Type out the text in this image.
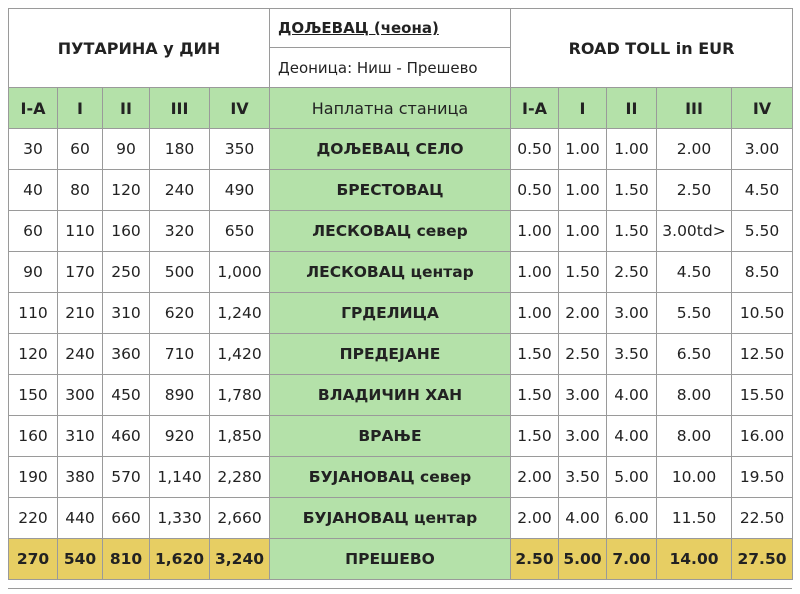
ПУТАРИНА у ДИН					ДОЉЕВАЦ (чеона)	ROAD TOLL in EUR				
					Деоница: Ниш - Прешево					
I-A	I	II	III	IV	Наплатна станица	I-A	I	II	III	IV
30	60	90	180	350	ДОЉЕВАЦ СЕЛО	0.50	1.00	1.00	2.00	3.00
40	80	120	240	490	БРЕСТОВАЦ	0.50	1.00	1.50	2.50	4.50
60	110	160	320	650	ЛЕСКОВАЦ север	1.00	1.00	1.50	3.00td>	5.50
90	170	250	500	1,000	ЛЕСКОВАЦ центар	1.00	1.50	2.50	4.50	8.50
110	210	310	620	1,240	ГРДЕЛИЦА	1.00	2.00	3.00	5.50	10.50
120	240	360	710	1,420	ПРЕДЕЈАНЕ	1.50	2.50	3.50	6.50	12.50
150	300	450	890	1,780	ВЛАДИЧИН ХАН	1.50	3.00	4.00	8.00	15.50
160	310	460	920	1,850	ВРАЊЕ	1.50	3.00	4.00	8.00	16.00
190	380	570	1,140	2,280	БУЈАНОВАЦ север	2.00	3.50	5.00	10.00	19.50
220	440	660	1,330	2,660	БУЈАНОВАЦ центар	2.00	4.00	6.00	11.50	22.50
270	540	810	1,620	3,240	ПРЕШЕВО	2.50	5.00	7.00	14.00	27.50
